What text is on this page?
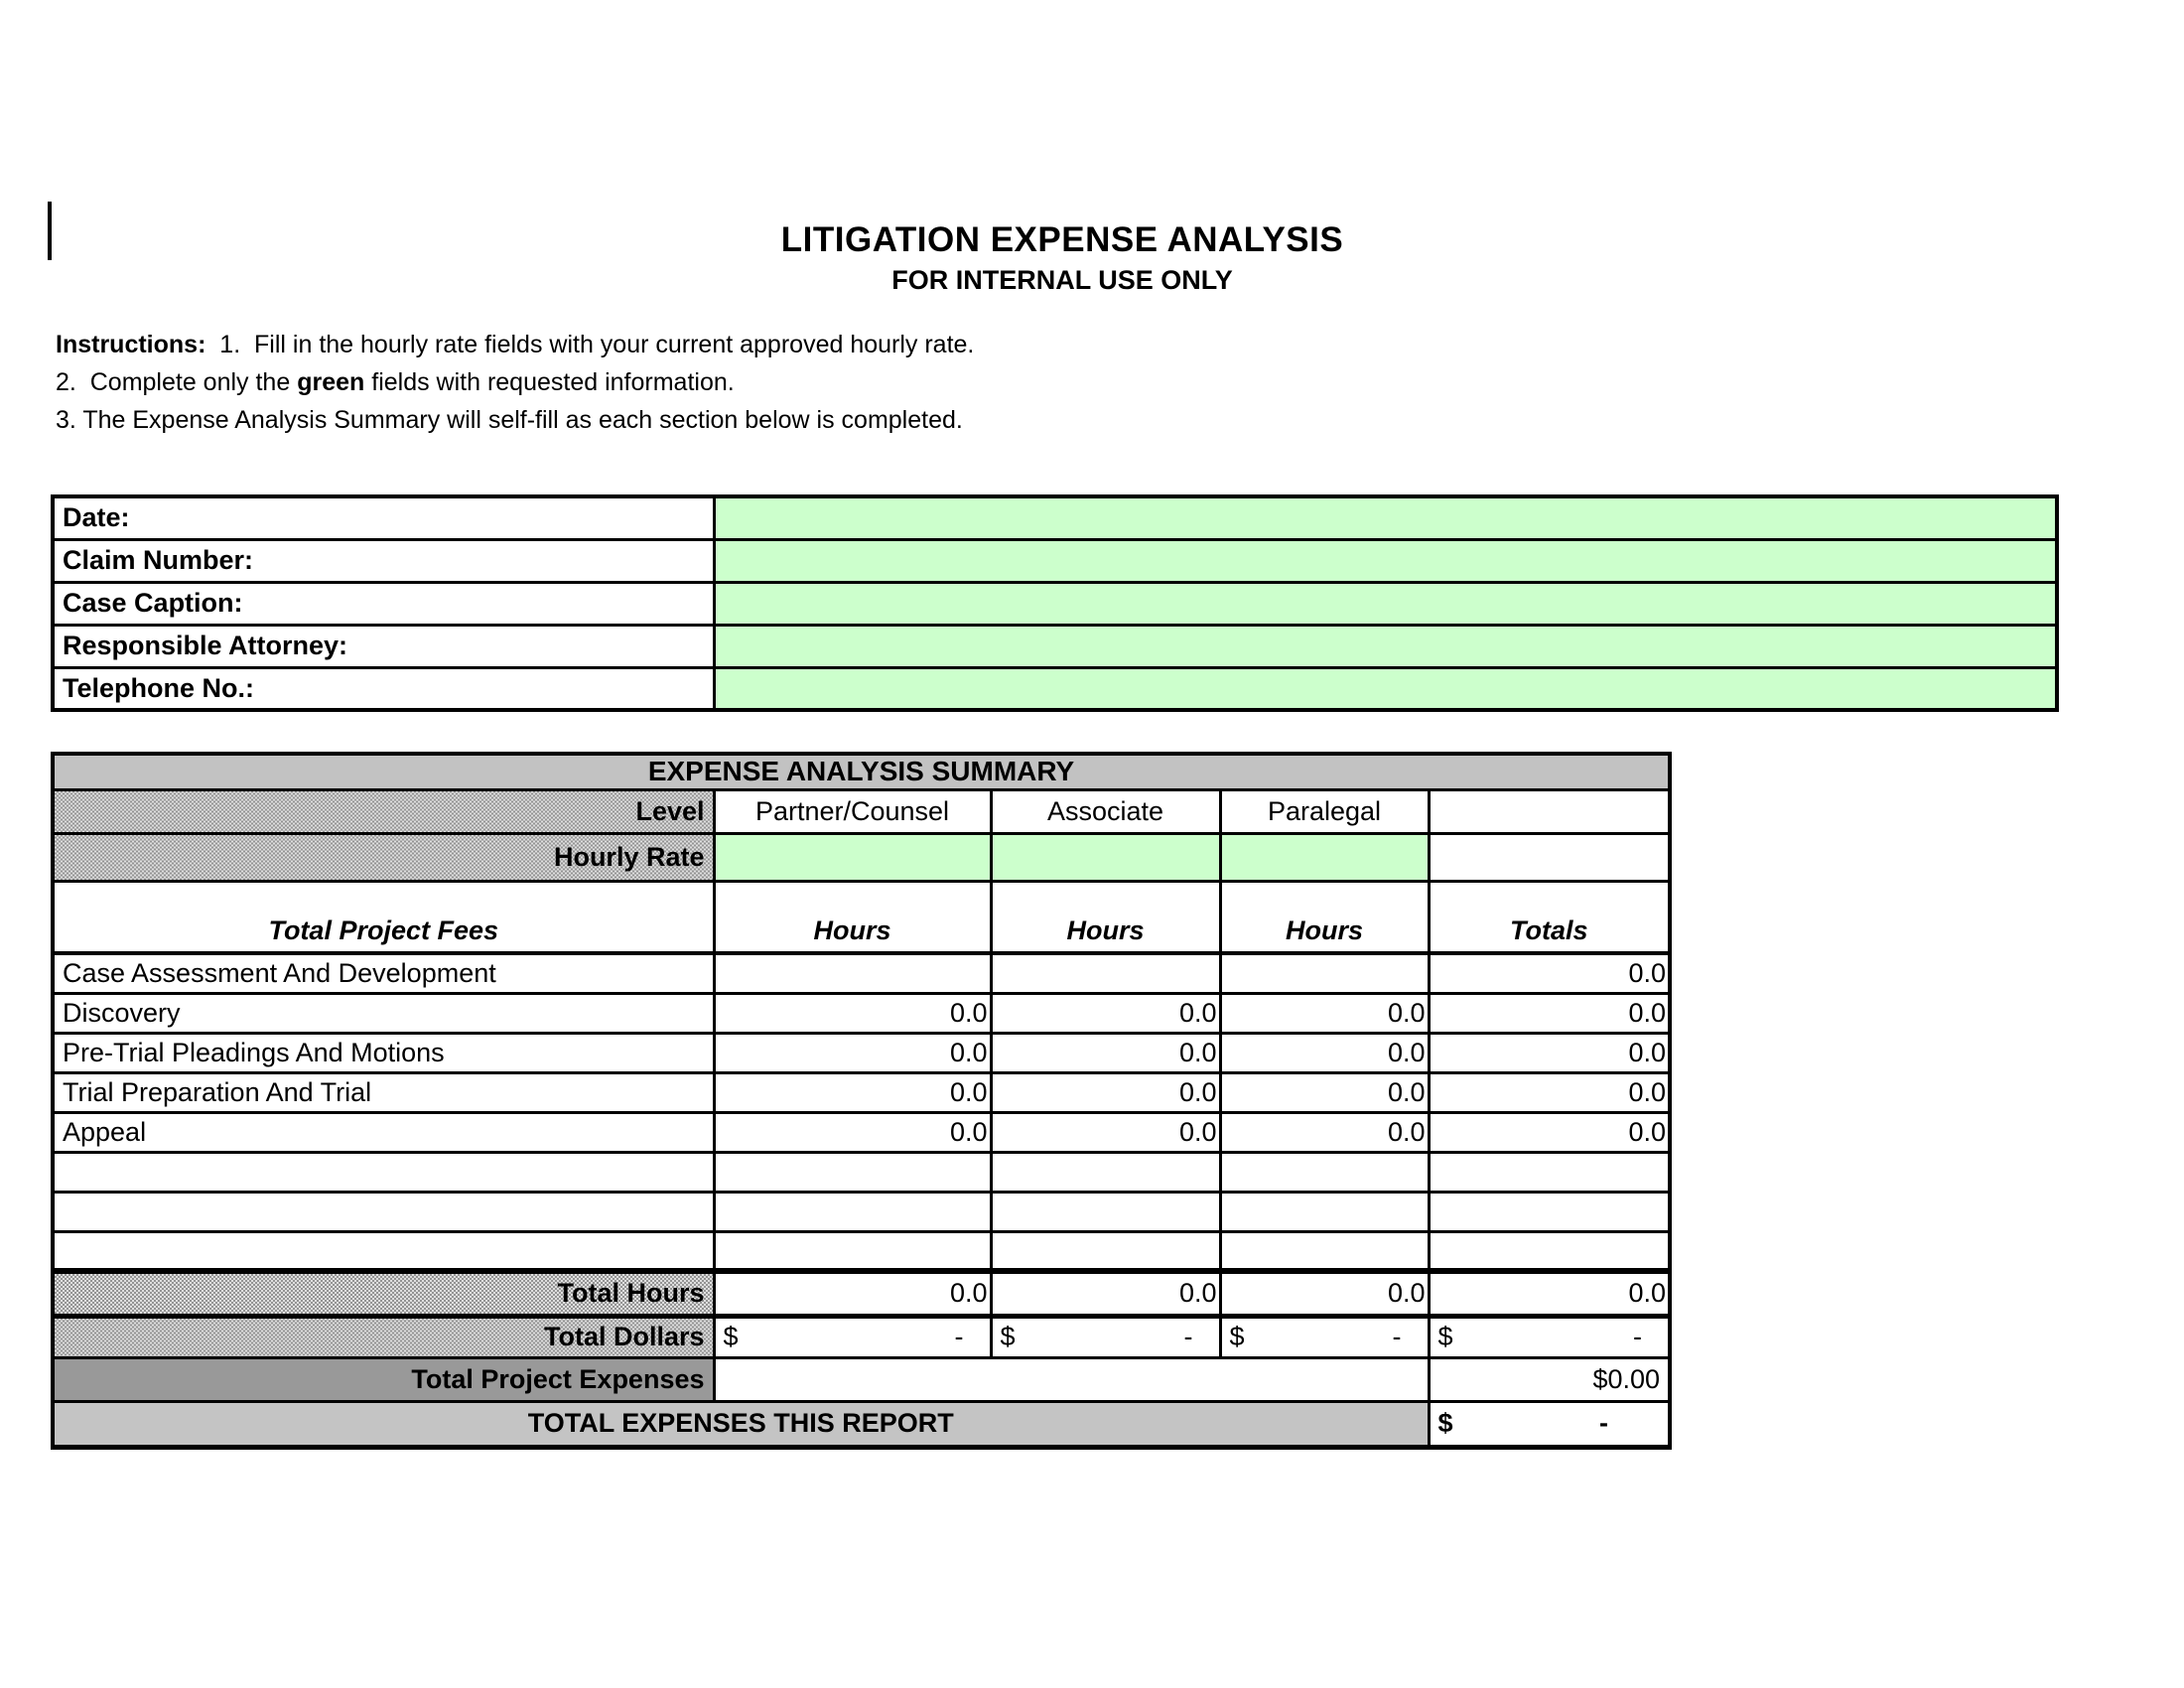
LITIGATION EXPENSE ANALYSIS
FOR INTERNAL USE ONLY
Instructions:  1.  Fill in the hourly rate fields with your current approved hourly rate.
2.  Complete only the green fields with requested information.
3. The Expense Analysis Summary will self-fill as each section below is completed.
Date:	
Claim Number:	
Case Caption:	
Responsible Attorney:	
Telephone No.:	
EXPENSE ANALYSIS SUMMARY				
Level	Partner/Counsel	Associate	Paralegal	
Hourly Rate				
Total Project Fees	Hours	Hours	Hours	Totals
Case Assessment And Development				0.0
Discovery	0.0	0.0	0.0	0.0
Pre-Trial Pleadings And Motions	0.0	0.0	0.0	0.0
Trial Preparation And Trial	0.0	0.0	0.0	0.0
Appeal	0.0	0.0	0.0	0.0

Total Hours	0.0	0.0	0.0	0.0
Total Dollars	$ -	$ -	$ -	$ -

Total Project Expenses				$0.00
TOTAL EXPENSES THIS REPORT				$ -
